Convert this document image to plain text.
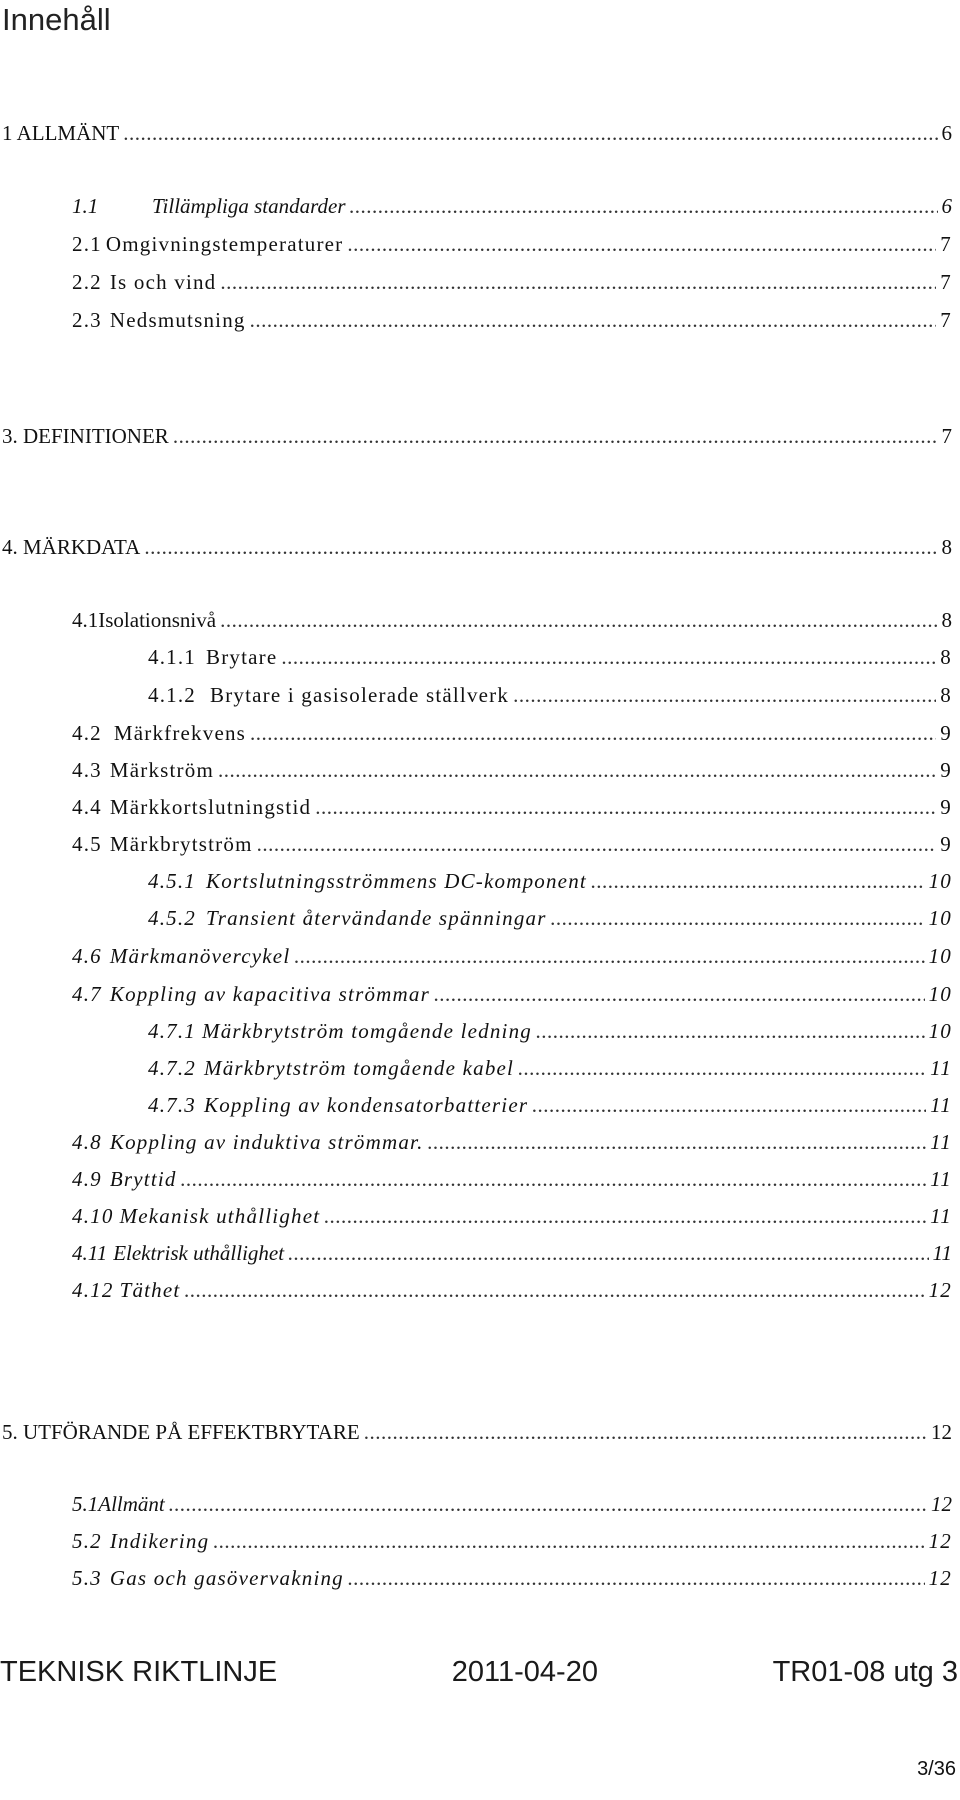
Innehåll
1 ALLMÄNT .....	6
1.1	Tillämpliga standarder .....	6
2.1 Omgivningstemperaturer .....	7
2.2 Is och vind .....	7
2.3 Nedsmutsning .....	7
3. DEFINITIONER .....	7
4. MÄRKDATA .....	8
4.1 Isolationsnivå .....	8
4.1.1 Brytare .....	8
4.1.2 Brytare i gasisolerade ställverk .....	8
4.2 Märkfrekvens .....	9
4.3 Märkström .....	9
4.4 Märkkortslutningstid .....	9
4.5 Märkbrytström .....	9
4.5.1 Kortslutningsströmmens DC-komponent .....	10
4.5.2 Transient återvändande spänningar .....	10
4.6 Märkmanövercykel .....	10
4.7 Koppling av kapacitiva strömmar .....	10
4.7.1 Märkbrytström tomgående ledning .....	10
4.7.2 Märkbrytström tomgående kabel .....	11
4.7.3 Koppling av kondensatorbatterier .....	11
4.8 Koppling av induktiva strömmar. .....	11
4.9 Bryttid .....	11
4.10 Mekanisk uthållighet .....	11
4.11 Elektrisk uthållighet .....	11
4.12 Täthet .....	12
5. UTFÖRANDE PÅ EFFEKTBRYTARE .....	12
5.1 Allmänt .....	12
5.2 Indikering .....	12
5.3 Gas och gasövervakning .....	12
TEKNISK RIKTLINJE	2011-04-20	TR01-08 utg 3
3/36
